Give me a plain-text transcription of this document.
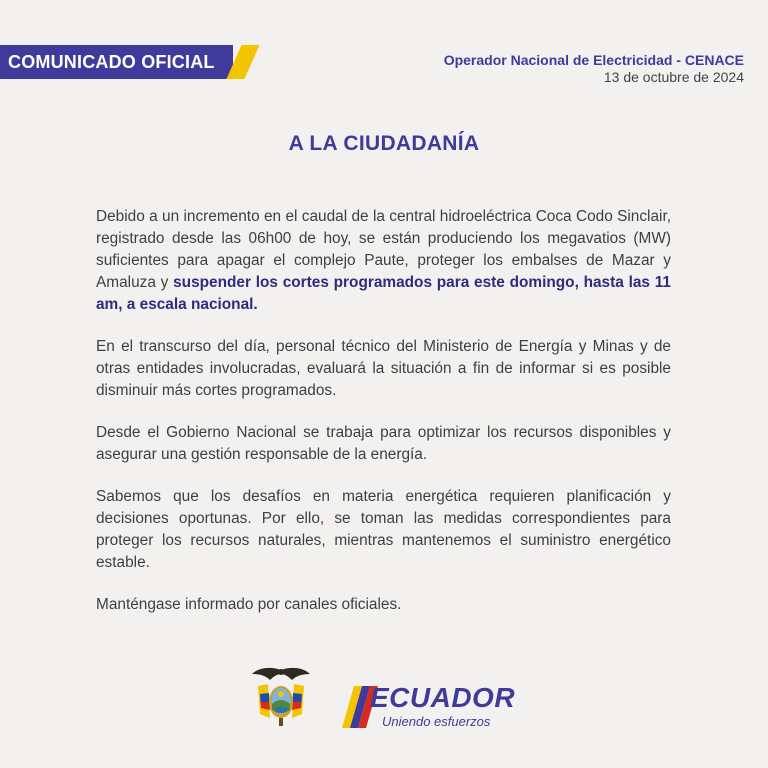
COMUNICADO OFICIAL	Operador Nacional de Electricidad - CENACE
13 de octubre de 2024
A LA CIUDADANÍA

Debido a un incremento en el caudal de la central hidroeléctrica Coca Codo Sinclair, registrado desde las 06h00 de hoy, se están produciendo los megavatios (MW) suficientes para apagar el complejo Paute, proteger los embalses de Mazar y Amaluza y suspender los cortes programados para este domingo, hasta las 11 am, a escala nacional.

En el transcurso del día, personal técnico del Ministerio de Energía y Minas y de otras entidades involucradas, evaluará la situación a fin de informar si es posible disminuir más cortes programados.

Desde el Gobierno Nacional se trabaja para optimizar los recursos disponibles y asegurar una gestión responsable de la energía.

Sabemos que los desafíos en materia energética requieren planificación y decisiones oportunas. Por ello, se toman las medidas correspondientes para proteger los recursos naturales, mientras mantenemos el suministro energético estable.

Manténgase informado por canales oficiales.

ECUADOR
Uniendo esfuerzos
